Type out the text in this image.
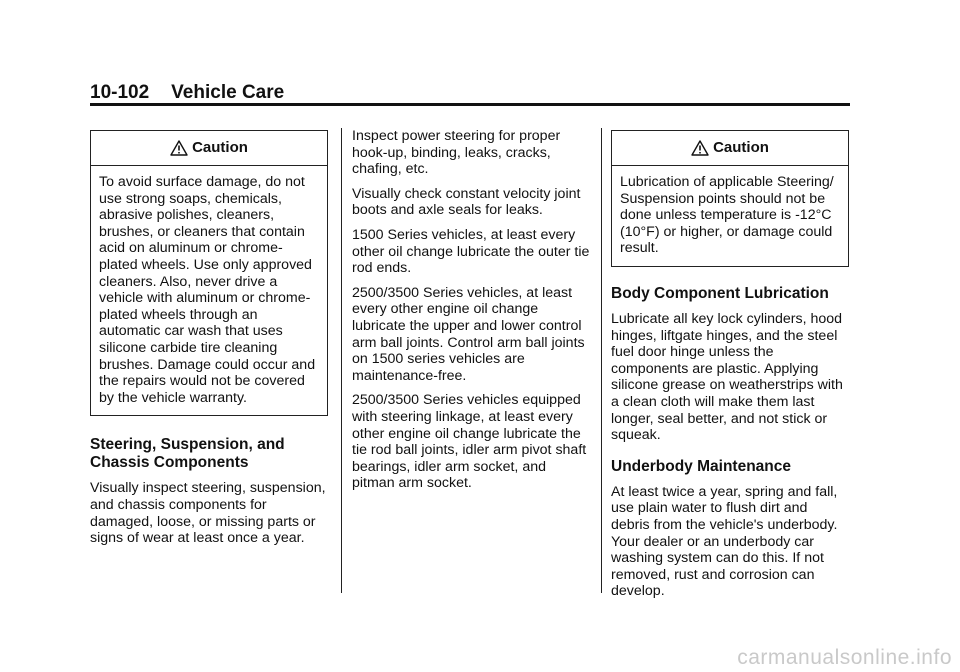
10-102 Vehicle Care
Caution
To avoid surface damage, do not use strong soaps, chemicals, abrasive polishes, cleaners, brushes, or cleaners that contain acid on aluminum or chrome-plated wheels. Use only approved cleaners. Also, never drive a vehicle with aluminum or chrome-plated wheels through an automatic car wash that uses silicone carbide tire cleaning brushes. Damage could occur and the repairs would not be covered by the vehicle warranty.
Steering, Suspension, and Chassis Components

Visually inspect steering, suspension, and chassis components for damaged, loose, or missing parts or signs of wear at least once a year.

Inspect power steering for proper hook-up, binding, leaks, cracks, chafing, etc.

Visually check constant velocity joint boots and axle seals for leaks.

1500 Series vehicles, at least every other oil change lubricate the outer tie rod ends.

2500/3500 Series vehicles, at least every other engine oil change lubricate the upper and lower control arm ball joints. Control arm ball joints on 1500 series vehicles are maintenance-free.

2500/3500 Series vehicles equipped with steering linkage, at least every other engine oil change lubricate the tie rod ball joints, idler arm pivot shaft bearings, idler arm socket, and pitman arm socket.

Caution
Lubrication of applicable Steering/ Suspension points should not be done unless temperature is -12°C (10°F) or higher, or damage could result.
Body Component Lubrication

Lubricate all key lock cylinders, hood hinges, liftgate hinges, and the steel fuel door hinge unless the components are plastic. Applying silicone grease on weatherstrips with a clean cloth will make them last longer, seal better, and not stick or squeak.

Underbody Maintenance

At least twice a year, spring and fall, use plain water to flush dirt and debris from the vehicle's underbody. Your dealer or an underbody car washing system can do this. If not removed, rust and corrosion can develop.

carmanualsonline.info
